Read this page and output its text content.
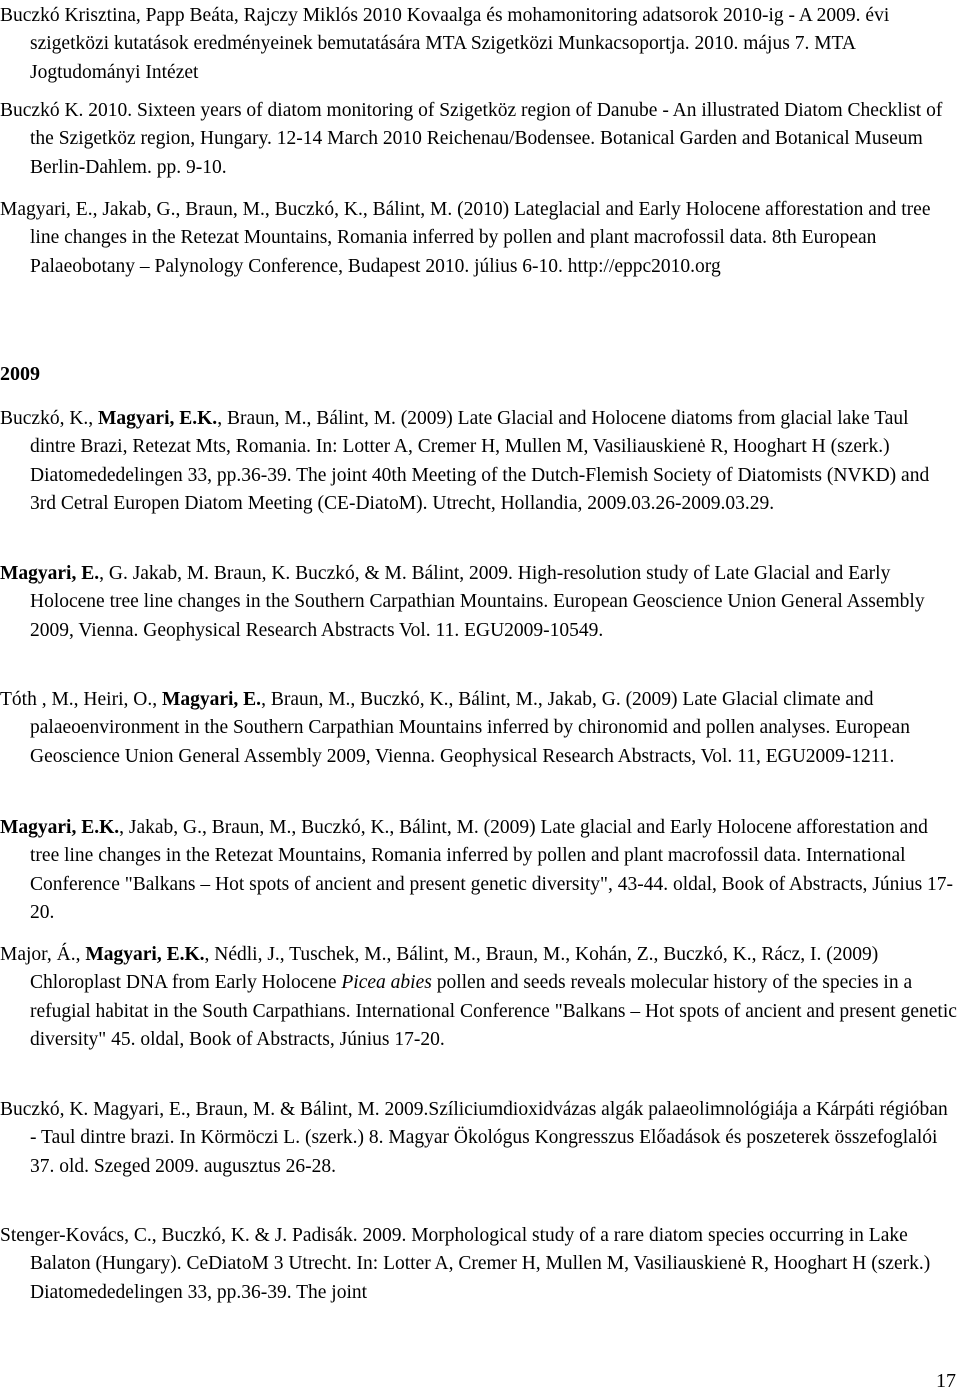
Buczkó Krisztina, Papp Beáta, Rajczy Miklós 2010 Kovaalga és mohamonitoring adatsorok 2010-ig - A 2009. évi szigetközi kutatások eredményeinek bemutatására MTA Szigetközi Munkacsoportja. 2010. május 7. MTA Jogtudományi Intézet

Buczkó K. 2010. Sixteen years of diatom monitoring of Szigetköz region of Danube - An illustrated Diatom Checklist of the Szigetköz region, Hungary. 12-14 March 2010 Reichenau/Bodensee. Botanical Garden and Botanical Museum Berlin-Dahlem. pp. 9-10.

Magyari, E., Jakab, G., Braun, M., Buczkó, K., Bálint, M. (2010) Lateglacial and Early Holocene afforestation and tree line changes in the Retezat Mountains, Romania inferred by pollen and plant macrofossil data. 8th European Palaeobotany – Palynology Conference, Budapest 2010. július 6-10. http://eppc2010.org

2009

Buczkó, K., Magyari, E.K., Braun, M., Bálint, M. (2009) Late Glacial and Holocene diatoms from glacial lake Taul dintre Brazi, Retezat Mts, Romania. In: Lotter A, Cremer H, Mullen M, Vasiliauskienė R, Hooghart H (szerk.) Diatomededelingen 33, pp.36-39. The joint 40th Meeting of the Dutch-Flemish Society of Diatomists (NVKD) and 3rd Cetral Europen Diatom Meeting (CE-DiatoM). Utrecht, Hollandia, 2009.03.26-2009.03.29.

Magyari, E., G. Jakab, M. Braun, K. Buczkó, & M. Bálint, 2009. High-resolution study of Late Glacial and Early Holocene tree line changes in the Southern Carpathian Mountains. European Geoscience Union General Assembly 2009, Vienna. Geophysical Research Abstracts Vol. 11. EGU2009-10549.

Tóth , M., Heiri, O., Magyari, E., Braun, M., Buczkó, K., Bálint, M., Jakab, G. (2009) Late Glacial climate and palaeoenvironment in the Southern Carpathian Mountains inferred by chironomid and pollen analyses. European Geoscience Union General Assembly 2009, Vienna. Geophysical Research Abstracts, Vol. 11, EGU2009-1211.

Magyari, E.K., Jakab, G., Braun, M., Buczkó, K., Bálint, M. (2009) Late glacial and Early Holocene afforestation and tree line changes in the Retezat Mountains, Romania inferred by pollen and plant macrofossil data. International Conference "Balkans – Hot spots of ancient and present genetic diversity", 43-44. oldal, Book of Abstracts, Június 17-20.

Major, Á., Magyari, E.K., Nédli, J., Tuschek, M., Bálint, M., Braun, M., Kohán, Z., Buczkó, K., Rácz, I. (2009) Chloroplast DNA from Early Holocene Picea abies pollen and seeds reveals molecular history of the species in a refugial habitat in the South Carpathians. International Conference "Balkans – Hot spots of ancient and present genetic diversity" 45. oldal, Book of Abstracts, Június 17-20.

Buczkó, K. Magyari, E., Braun, M. & Bálint, M. 2009.Szíliciumdioxidvázas algák palaeolimnológiája a Kárpáti régióban - Taul dintre brazi. In Körmöczi L. (szerk.) 8. Magyar Ökológus Kongresszus Előadások és poszeterek összefoglalói 37. old. Szeged 2009. augusztus 26-28.

Stenger-Kovács, C., Buczkó, K. & J. Padisák. 2009. Morphological study of a rare diatom species occurring in Lake Balaton (Hungary). CeDiatoM 3 Utrecht. In: Lotter A, Cremer H, Mullen M, Vasiliauskienė R, Hooghart H (szerk.) Diatomededelingen 33, pp.36-39. The joint

17
